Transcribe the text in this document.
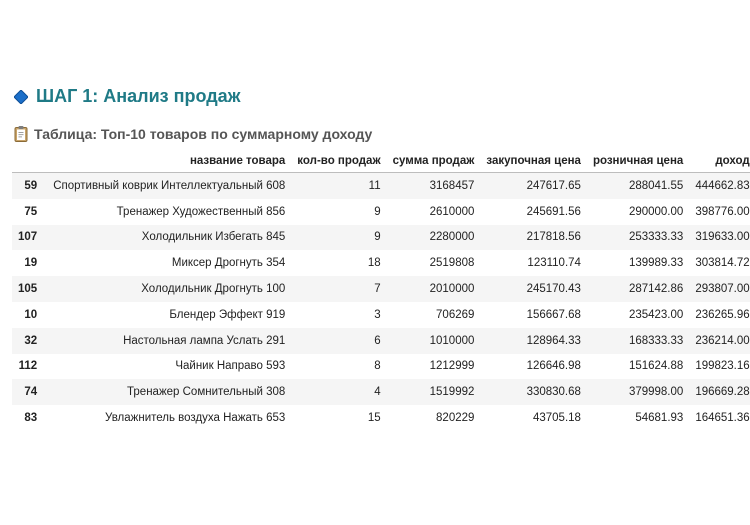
ШАГ 1: Анализ продаж
Таблица: Топ-10 товаров по суммарному доходу
	название товара	кол-во продаж	сумма продаж	закупочная цена	розничная цена	доход
59	Спортивный коврик Интеллектуальный 608	11	3168457	247617.65	288041.55	444662.83
75	Тренажер Художественный 856	9	2610000	245691.56	290000.00	398776.00
107	Холодильник Избегать 845	9	2280000	217818.56	253333.33	319633.00
19	Миксер Дрогнуть 354	18	2519808	123110.74	139989.33	303814.72
105	Холодильник Дрогнуть 100	7	2010000	245170.43	287142.86	293807.00
10	Блендер Эффект 919	3	706269	156667.68	235423.00	236265.96
32	Настольная лампа Услать 291	6	1010000	128964.33	168333.33	236214.00
112	Чайник Направо 593	8	1212999	126646.98	151624.88	199823.16
74	Тренажер Сомнительный 308	4	1519992	330830.68	379998.00	196669.28
83	Увлажнитель воздуха Нажать 653	15	820229	43705.18	54681.93	164651.36
